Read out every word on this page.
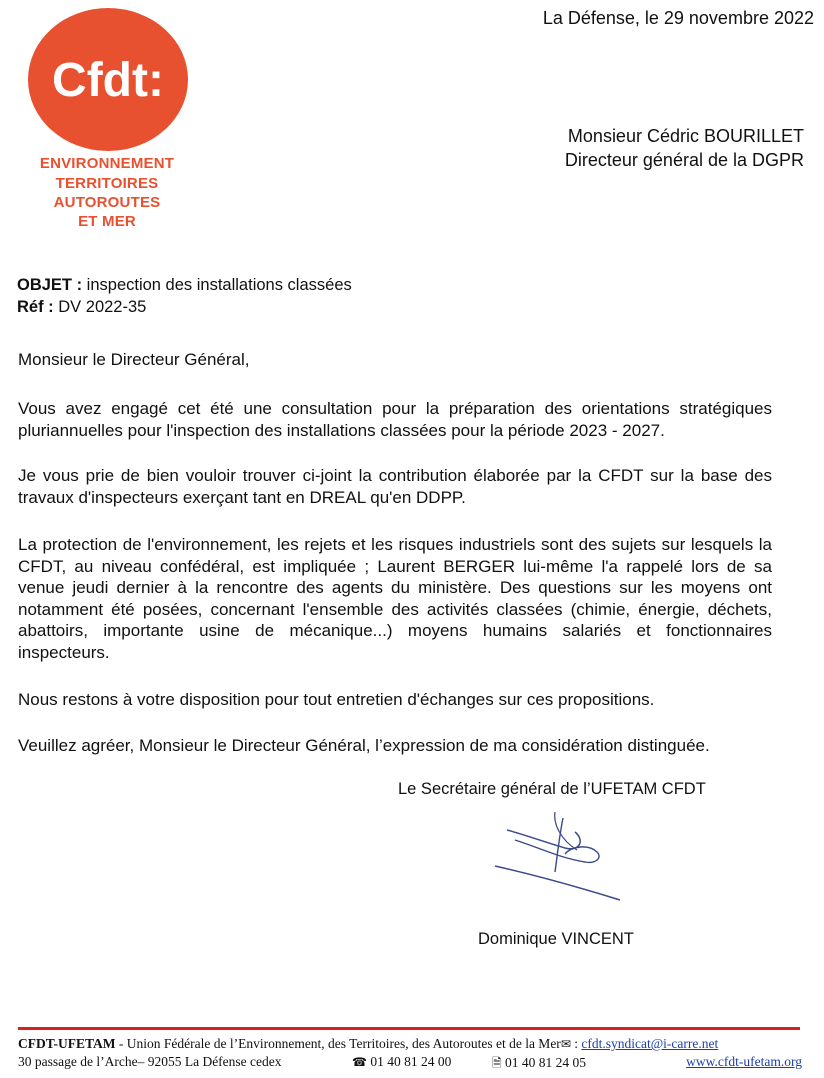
Cfdt:
ENVIRONNEMENT
TERRITOIRES
AUTOROUTES
ET MER
La Défense, le 29 novembre 2022
Monsieur Cédric BOURILLET
Directeur général de la DGPR
OBJET : inspection des installations classées
Réf : DV 2022-35

Monsieur le Directeur Général,

Vous avez engagé cet été une consultation pour la préparation des orientations stratégiques pluriannuelles pour l'inspection des installations classées pour la période 2023 - 2027.

Je vous prie de bien vouloir trouver ci-joint la contribution élaborée par la CFDT sur la base des travaux d'inspecteurs exerçant tant en DREAL qu'en DDPP.

La protection de l'environnement, les rejets et les risques industriels sont des sujets sur lesquels la CFDT, au niveau confédéral, est impliquée ; Laurent BERGER lui-même l'a rappelé lors de sa venue jeudi dernier à la rencontre des agents du ministère. Des questions sur les moyens ont notamment été posées, concernant l'ensemble des activités classées (chimie, énergie, déchets, abattoirs, importante usine de mécanique...) moyens humains salariés et fonctionnaires inspecteurs.

Nous restons à votre disposition pour tout entretien d'échanges sur ces propositions.

Veuillez agréer, Monsieur le Directeur Général, l’expression de ma considération distinguée.

Le Secrétaire général de l’UFETAM CFDT
Dominique VINCENT
CFDT-UFETAM - Union Fédérale de l’Environnement, des Territoires, des Autoroutes et de la Mer✉ : cfdt.syndicat@i-carre.net
30 passage de l’Arche– 92055 La Défense cedex	☎ 01 40 81 24 00	🗎 01 40 81 24 05	www.cfdt-ufetam.org
